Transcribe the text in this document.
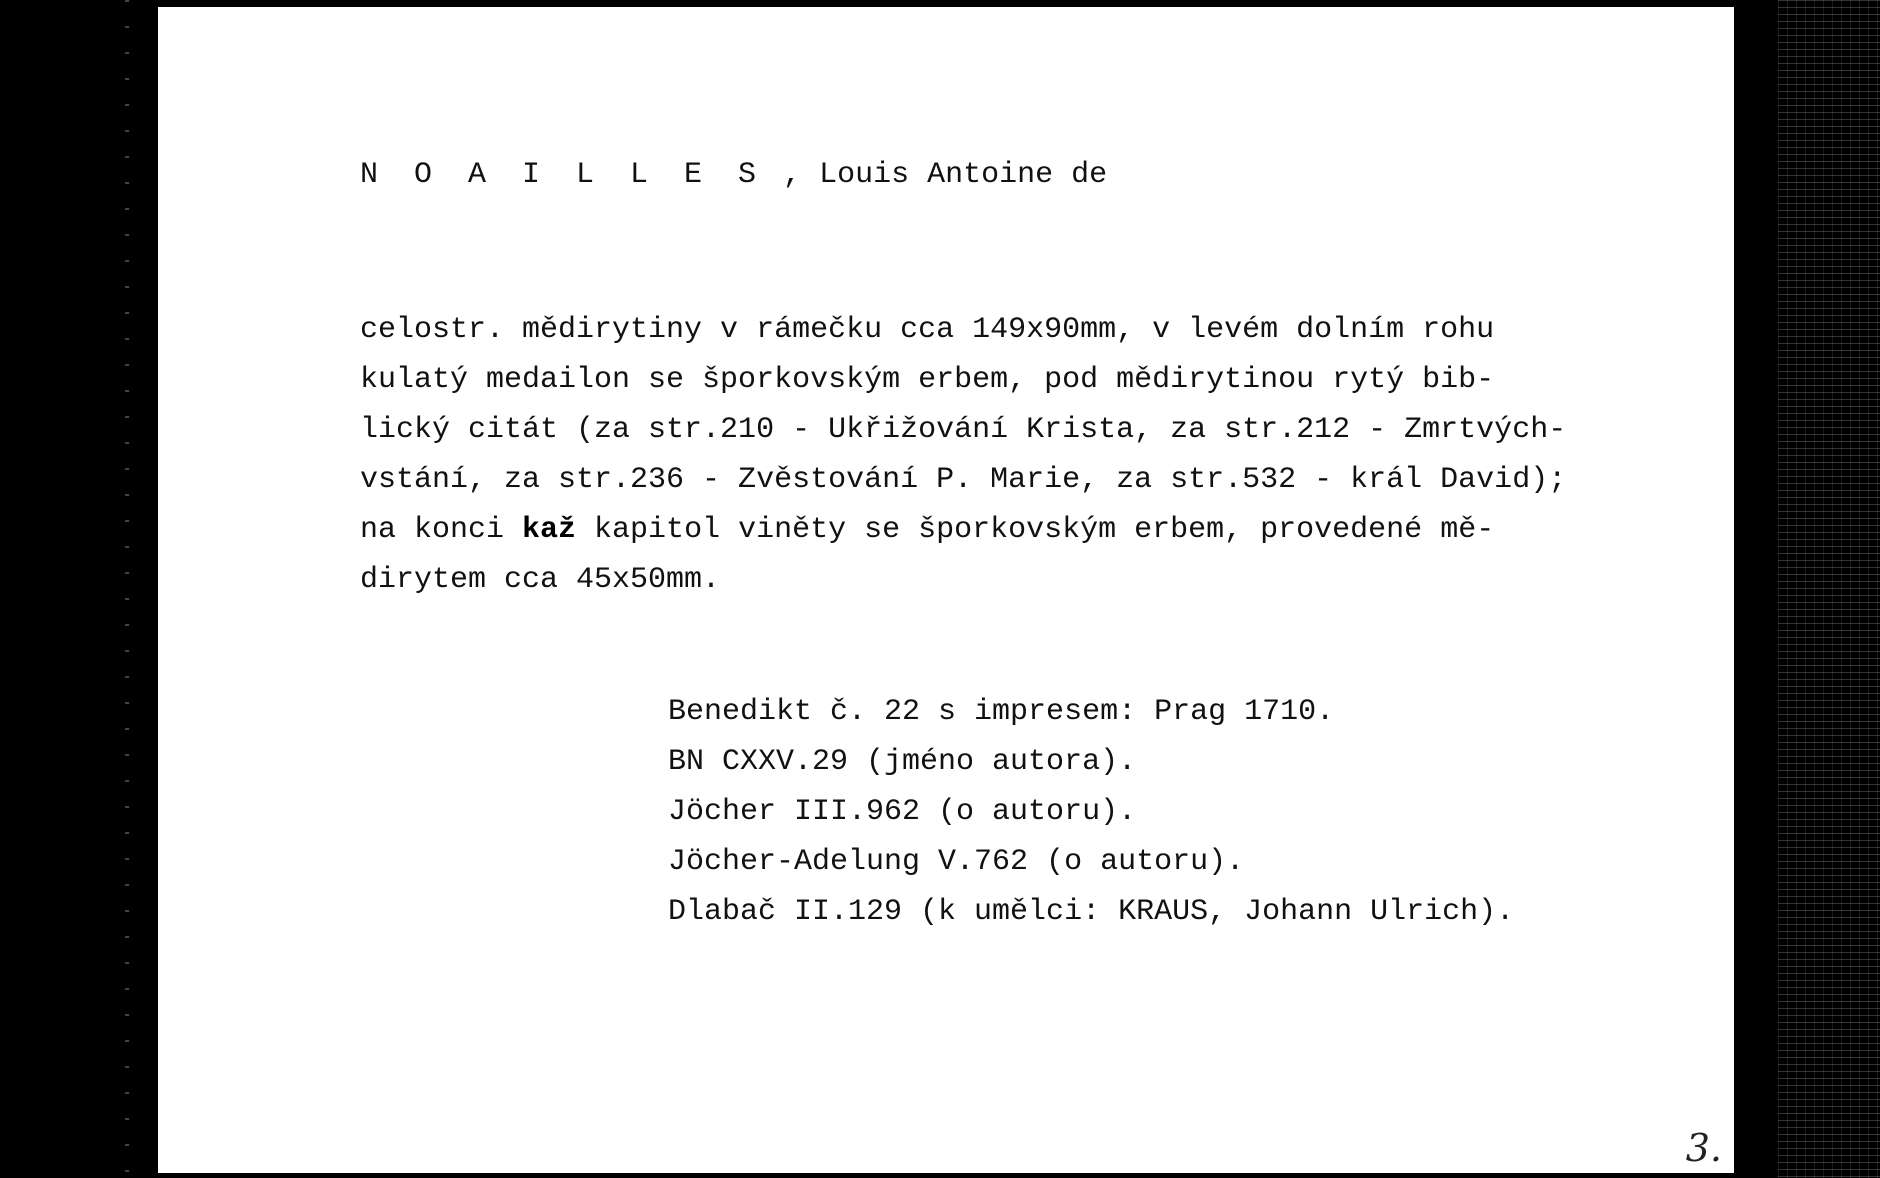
N O A I L L E S , Louis Antoine de
celostr. mědirytiny v rámečku cca 149x90mm, v levém dolním rohu
kulatý medailon se šporkovským erbem, pod mědirytinou rytý bib-
lický citát (za str.210 - Ukřižování Krista, za str.212 - Zmrtvých-
vstání, za str.236 - Zvěstování P. Marie, za str.532 - král David);
na konci kaž kapitol viněty se šporkovským erbem, provedené mě-
dirytem cca 45x50mm.
Benedikt č. 22 s impresem: Prag 1710.
BN CXXV.29 (jméno autora).
Jöcher III.962 (o autoru).
Jöcher-Adelung V.762 (o autoru).
Dlabač II.129 (k umělci: KRAUS, Johann Ulrich).
3.
